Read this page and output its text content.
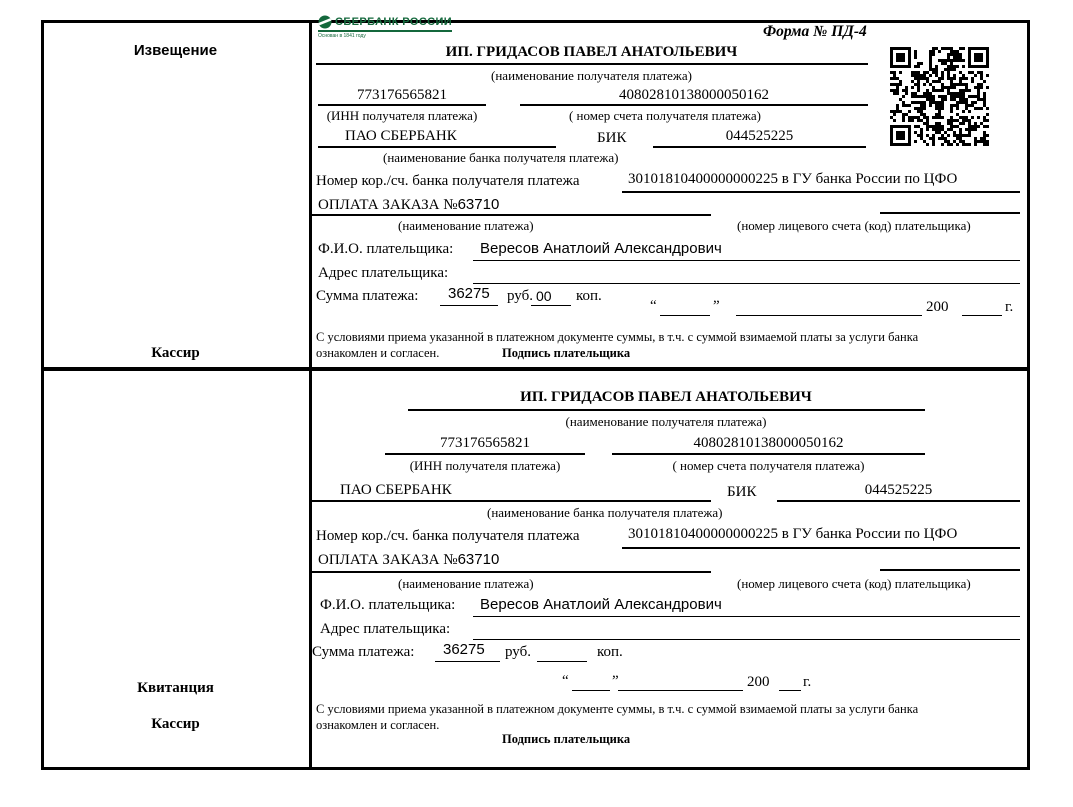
Извещение
Кассир
Квитанция
Кассир
СБЕРБАНК РОССИИ
Основан в 1841 году	Форма № ПД-4
ИП. ГРИДАСОВ ПАВЕЛ АНАТОЛЬЕВИЧ
(наименование получателя платежа)
773176565821	40802810138000050162
(ИНН получателя платежа)	( номер счета получателя платежа)
ПАО СБЕРБАНК	БИК	044525225
(наименование банка получателя платежа)
Номер кор./сч. банка получателя платежа	30101810400000000225 в ГУ банка России по ЦФО
ОПЛАТА ЗАКАЗА №63710
(наименование платежа)	(номер лицевого счета (код) плательщика)
Ф.И.О. плательщика: Вересов Анатлоий Александрович
Адрес плательщика:
Сумма платежа: 36275 руб. 00 коп.
“	”	200	г.
С условиями приема указанной в платежном документе суммы, в т.ч. с суммой взимаемой платы за услуги банка
ознакомлен и согласен.	Подпись плательщика
ИП. ГРИДАСОВ ПАВЕЛ АНАТОЛЬЕВИЧ
(наименование получателя платежа)
773176565821	40802810138000050162
(ИНН получателя платежа)	( номер счета получателя платежа)
ПАО СБЕРБАНК	БИК	044525225
(наименование банка получателя платежа)
Номер кор./сч. банка получателя платежа	30101810400000000225 в ГУ банка России по ЦФО
ОПЛАТА ЗАКАЗА №63710
(наименование платежа)	(номер лицевого счета (код) плательщика)
Ф.И.О. плательщика: Вересов Анатлоий Александрович
Адрес плательщика:
Сумма платежа: 36275 руб.	коп.
“	”	200 г.
С условиями приема указанной в платежном документе суммы, в т.ч. с суммой взимаемой платы за услуги банка
ознакомлен и согласен.
Подпись плательщика
